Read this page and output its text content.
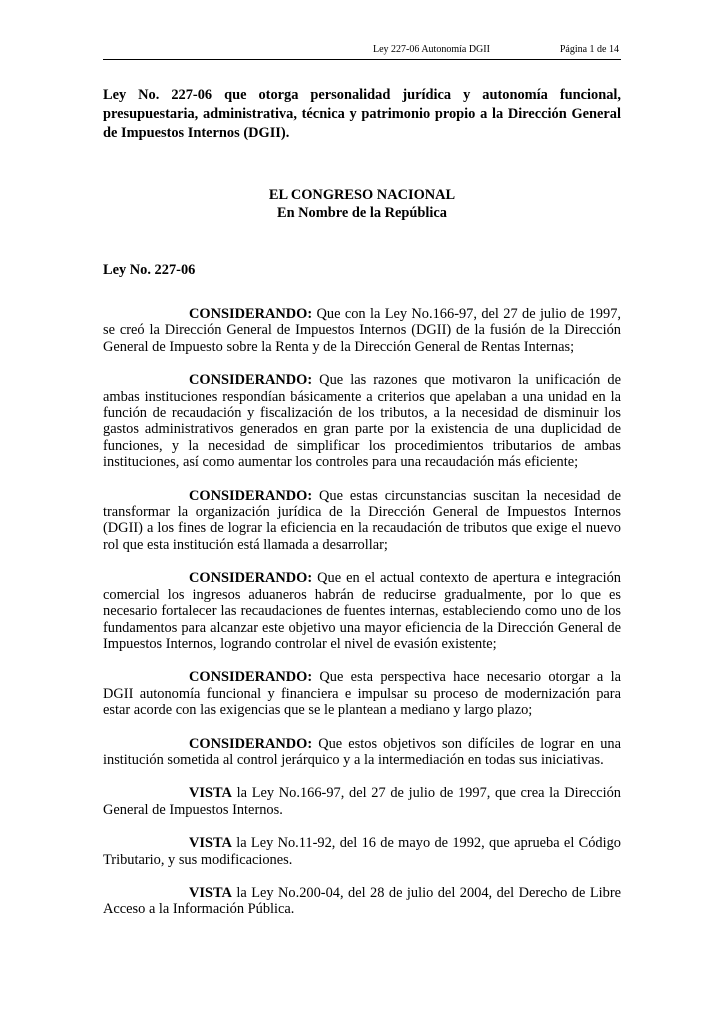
Ley 227-06 Autonomía DGII	Página 1 de 14

Ley No. 227-06 que otorga personalidad jurídica y autonomía funcional, presupuestaria, administrativa, técnica y patrimonio propio a la Dirección General de Impuestos Internos (DGII).

EL CONGRESO NACIONAL
En Nombre de la República
Ley No. 227-06

CONSIDERANDO: Que con la Ley No.166-97, del 27 de julio de 1997, se creó la Dirección General de Impuestos Internos (DGII) de la fusión de la Dirección General de Impuesto sobre la Renta y de la Dirección General de Rentas Internas;

CONSIDERANDO: Que las razones que motivaron la unificación de ambas instituciones respondían básicamente a criterios que apelaban a una unidad en la función de recaudación y fiscalización de los tributos, a la necesidad de disminuir los gastos administrativos generados en gran parte por la existencia de una duplicidad de funciones, y la necesidad de simplificar los procedimientos tributarios de ambas instituciones, así como aumentar los controles para una recaudación más eficiente;

CONSIDERANDO: Que estas circunstancias suscitan la necesidad de transformar la organización jurídica de la Dirección General de Impuestos Internos (DGII) a los fines de lograr la eficiencia en la recaudación de tributos que exige el nuevo rol que esta institución está llamada a desarrollar;

CONSIDERANDO: Que en el actual contexto de apertura e integración comercial los ingresos aduaneros habrán de reducirse gradualmente, por lo que es necesario fortalecer las recaudaciones de fuentes internas, estableciendo como uno de los fundamentos para alcanzar este objetivo una mayor eficiencia de la Dirección General de Impuestos Internos, logrando controlar el nivel de evasión existente;

CONSIDERANDO: Que esta perspectiva hace necesario otorgar a la DGII autonomía funcional y financiera e impulsar su proceso de modernización para estar acorde con las exigencias que se le plantean a mediano y largo plazo;

CONSIDERANDO: Que estos objetivos son difíciles de lograr en una institución sometida al control jerárquico y a la intermediación en todas sus iniciativas.

VISTA la Ley No.166-97, del 27 de julio de 1997, que crea la Dirección General de Impuestos Internos.

VISTA la Ley No.11-92, del 16 de mayo de 1992, que aprueba el Código Tributario, y sus modificaciones.

VISTA la Ley No.200-04, del 28 de julio del 2004, del Derecho de Libre Acceso a la Información Pública.
